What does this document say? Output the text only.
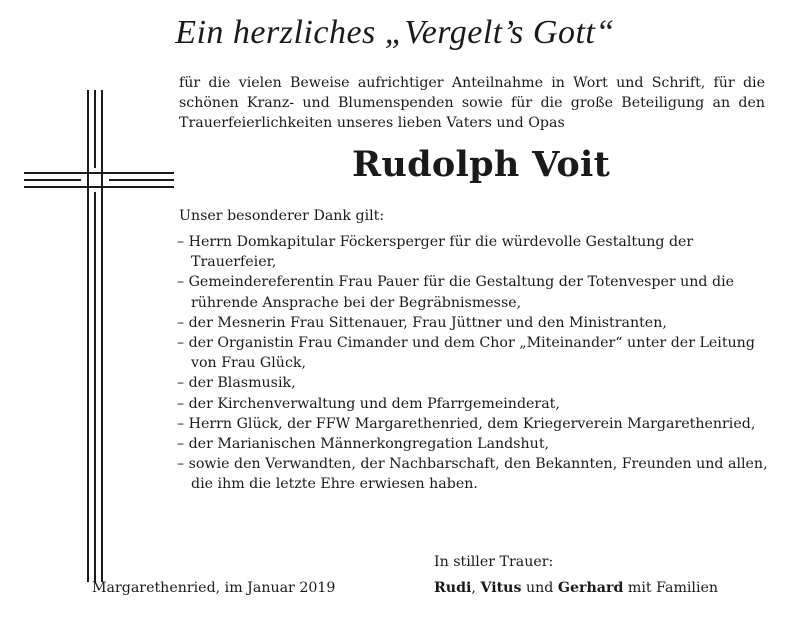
Ein herzliches „Vergelt’s Gott“
für die vielen Beweise aufrichtiger Anteilnahme in Wort und Schrift, für die schönen Kranz- und Blumenspenden sowie für die große Beteiligung an den Trauerfeierlichkeiten unseres lieben Vaters und Opas
Rudolph Voit
Unser besonderer Dank gilt:
– Herrn Domkapitular Föckersperger für die würdevolle Gestaltung der Trauerfeier,
– Gemeindereferentin Frau Pauer für die Gestaltung der Totenvesper und die rührende Ansprache bei der Begräbnismesse,
– der Mesnerin Frau Sittenauer, Frau Jüttner und den Ministranten,
– der Organistin Frau Cimander und dem Chor „Miteinander“ unter der Leitung von Frau Glück,
– der Blasmusik,
– der Kirchenverwaltung und dem Pfarrgemeinderat,
– Herrn Glück, der FFW Margarethenried, dem Kriegerverein Margarethenried,
– der Marianischen Männerkongregation Landshut,
– sowie den Verwandten, der Nachbarschaft, den Bekannten, Freunden und allen, die ihm die letzte Ehre erwiesen haben.
Margarethenried, im Januar 2019
In stiller Trauer:
Rudi, Vitus und Gerhard mit Familien
